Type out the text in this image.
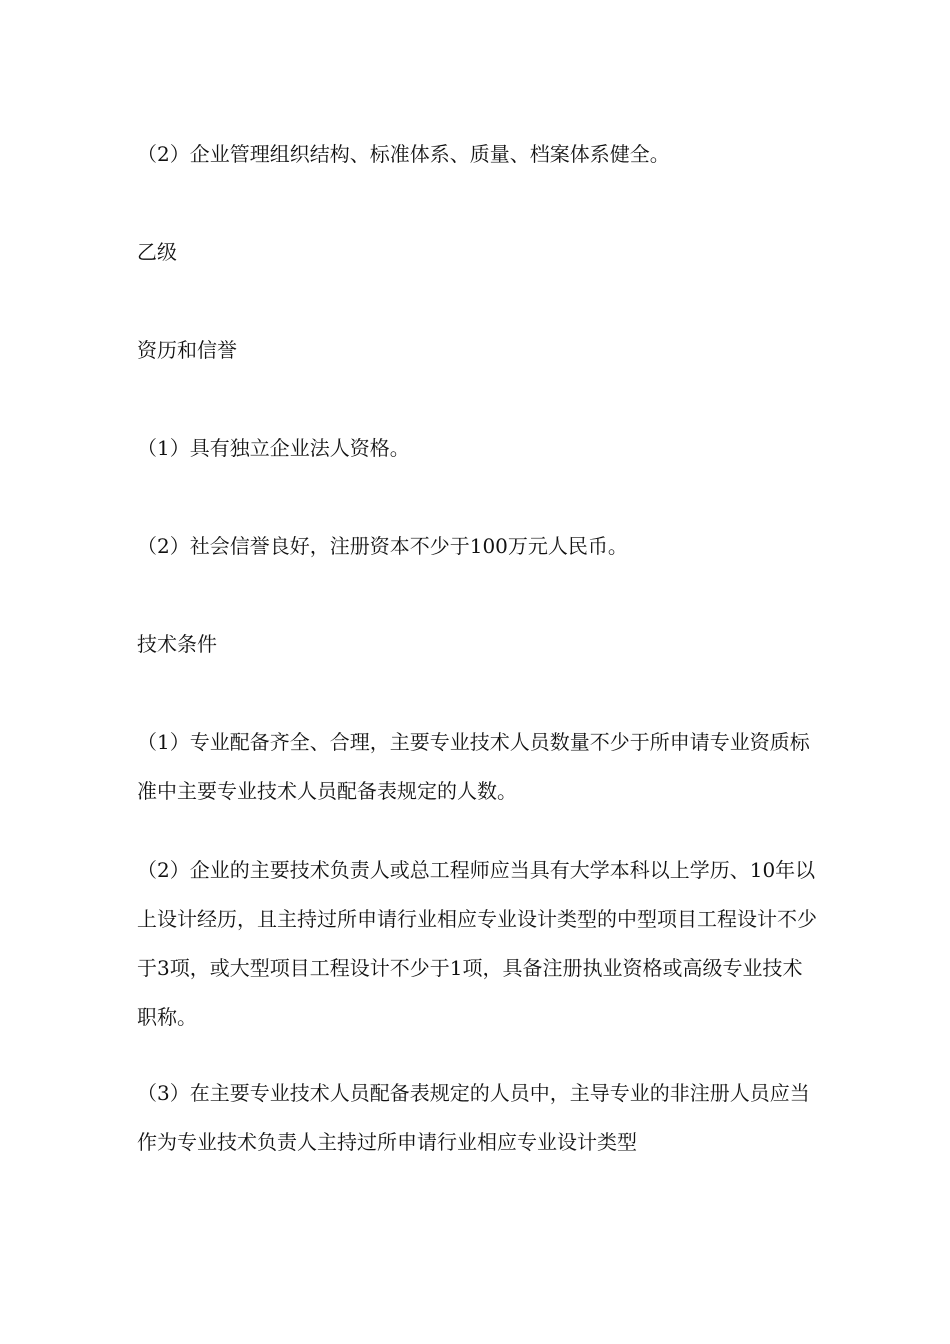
（2）企业管理组织结构、标准体系、质量、档案体系健全。

乙级

资历和信誉

（1）具有独立企业法人资格。

（2）社会信誉良好，注册资本不少于100万元人民币。

技术条件

（1）专业配备齐全、合理，主要专业技术人员数量不少于所申请专业资质标准中主要专业技术人员配备表规定的人数。

（2）企业的主要技术负责人或总工程师应当具有大学本科以上学历、10年以上设计经历，且主持过所申请行业相应专业设计类型的中型项目工程设计不少于3项，或大型项目工程设计不少于1项，具备注册执业资格或高级专业技术职称。

（3）在主要专业技术人员配备表规定的人员中，主导专业的非注册人员应当作为专业技术负责人主持过所申请行业相应专业设计类型
